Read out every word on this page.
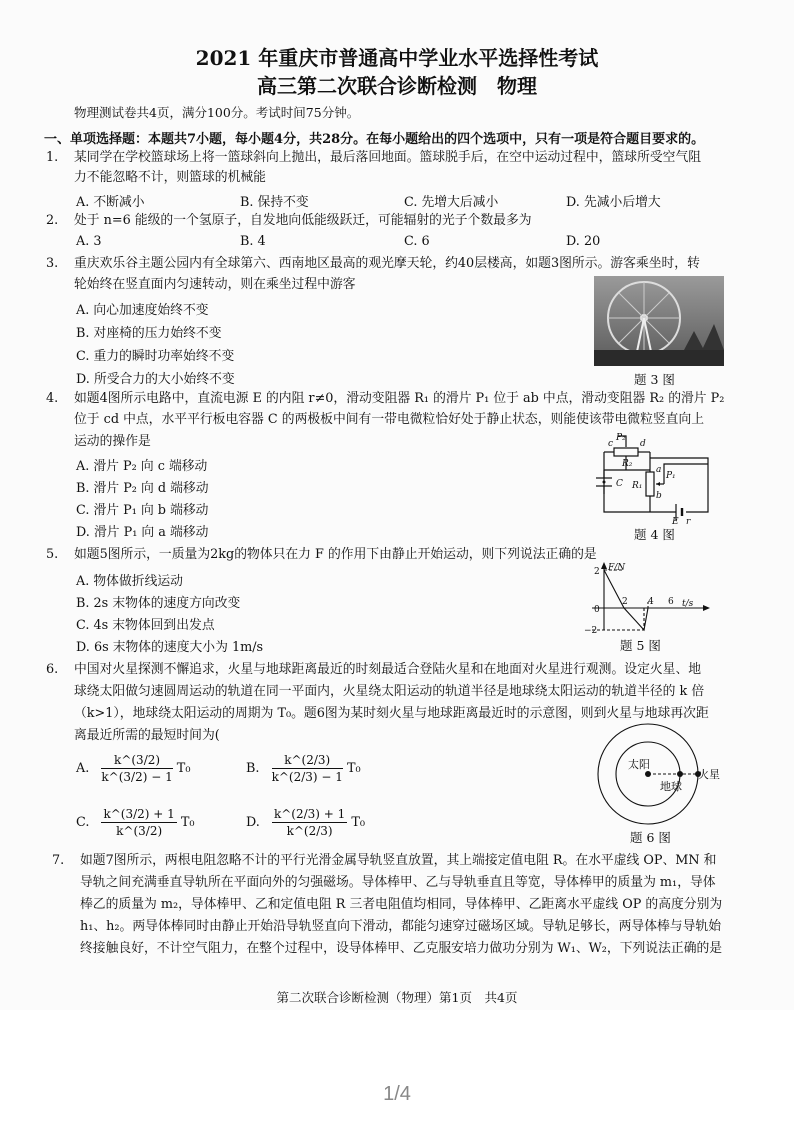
2021 年重庆市普通高中学业水平选择性考试
高三第二次联合诊断检测　物理
物理测试卷共4页，满分100分。考试时间75分钟。
一、单项选择题：本题共7小题，每小题4分，共28分。在每小题给出的四个选项中，只有一项是符合题目要求的。
1. 某同学在学校篮球场上将一篮球斜向上抛出，最后落回地面。篮球脱手后，在空中运动过程中，篮球所受空气阻
力不能忽略不计，则篮球的机械能
A. 不断减小	B. 保持不变	C. 先增大后减小	D. 先减小后增大
2. 处于 n=6 能级的一个氢原子，自发地向低能级跃迁，可能辐射的光子个数最多为
A. 3	B. 4	C. 6	D. 20
3. 重庆欢乐谷主题公园内有全球第六、西南地区最高的观光摩天轮，约40层楼高，如题3图所示。游客乘坐时，转
轮始终在竖直面内匀速转动，则在乘坐过程中游客
A. 向心加速度始终不变
B. 对座椅的压力始终不变
C. 重力的瞬时功率始终不变
D. 所受合力的大小始终不变	题 3 图
4. 如题4图所示电路中，直流电源 E 的内阻 r≠0，滑动变阻器 R₁ 的滑片 P₁ 位于 ab 中点，滑动变阻器 R₂ 的滑片 P₂
位于 cd 中点，水平平行板电容器 C 的两极板中间有一带电微粒恰好处于静止状态，则能使该带电微粒竖直向上
运动的操作是
A. 滑片 P₂ 向 c 端移动
B. 滑片 P₂ 向 d 端移动
C. 滑片 P₁ 向 b 端移动
D. 滑片 P₁ 向 a 端移动
P₂
c	d
R₂
a
P₁
C R₁
b
E r
题 4 图
5. 如题5图所示，一质量为2kg的物体只在力 F 的作用下由静止开始运动，则下列说法正确的是
A. 物体做折线运动
B. 2s 末物体的速度方向改变
C. 4s 末物体回到出发点
D. 6s 末物体的速度大小为 1m/s
F/N
t/s
2
−2
0
2 4 6
题 5 图
6. 中国对火星探测不懈追求，火星与地球距离最近的时刻最适合登陆火星和在地面对火星进行观测。设定火星、地
球绕太阳做匀速圆周运动的轨道在同一平面内，火星绕太阳运动的轨道半径是地球绕太阳运动的轨道半径的 k 倍
（k>1），地球绕太阳运动的周期为 T₀。题6图为某时刻火星与地球距离最近时的示意图，则到火星与地球再次距
离最近所需的最短时间为(
A. $\frac{k\^{}(3/2)}{k\^{}(3/2) - 1} T_0$	B. $\frac{k\^{}(2/3)}{k\^{}(2/3) - 1} T_0$
C. $\frac{k\^{}(3/2) + 1}{k\^{}(3/2)} T_0$	D. $\frac{k\^{}(2/3) + 1}{k\^{}(2/3)} T_0$
太阳
地球
火星
题 6 图
7. 如题7图所示，两根电阻忽略不计的平行光滑金属导轨竖直放置，其上端接定值电阻 R。在水平虚线 OP、MN 和
导轨之间充满垂直导轨所在平面向外的匀强磁场。导体棒甲、乙与导轨垂直且等宽，导体棒甲的质量为 m₁，导体
棒乙的质量为 m₂，导体棒甲、乙和定值电阻 R 三者电阻值均相同，导体棒甲、乙距离水平虚线 OP 的高度分别为
h₁、h₂。两导体棒同时由静止开始沿导轨竖直向下滑动，都能匀速穿过磁场区域。导轨足够长，两导体棒与导轨始
终接触良好，不计空气阻力，在整个过程中，设导体棒甲、乙克服安培力做功分别为 W₁、W₂，下列说法正确的是
第二次联合诊断检测（物理）第1页　共4页
1/4
